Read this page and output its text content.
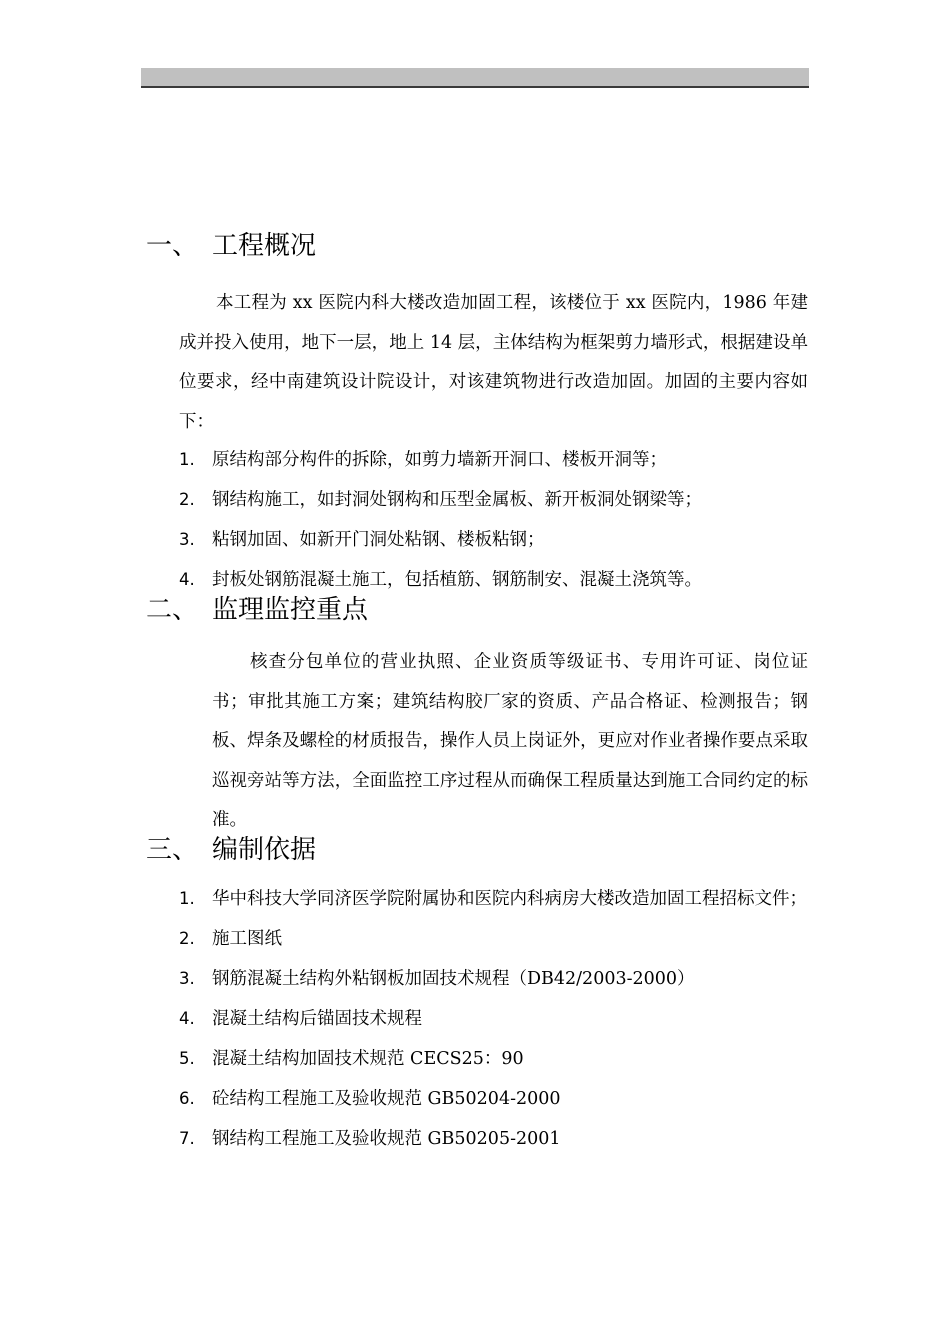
一、 工程概况
本工程为 xx 医院内科大楼改造加固工程，该楼位于 xx 医院内，1986 年建成并投入使用，地下一层，地上 14 层，主体结构为框架剪力墙形式，根据建设单位要求，经中南建筑设计院设计，对该建筑物进行改造加固。加固的主要内容如下：
1. 原结构部分构件的拆除，如剪力墙新开洞口、楼板开洞等；
2. 钢结构施工，如封洞处钢构和压型金属板、新开板洞处钢梁等；
3. 粘钢加固、如新开门洞处粘钢、楼板粘钢；
4. 封板处钢筋混凝土施工，包括植筋、钢筋制安、混凝土浇筑等。
二、 监理监控重点
核查分包单位的营业执照、企业资质等级证书、专用许可证、岗位证书；审批其施工方案；建筑结构胶厂家的资质、产品合格证、检测报告；钢板、焊条及螺栓的材质报告，操作人员上岗证外，更应对作业者操作要点采取巡视旁站等方法，全面监控工序过程从而确保工程质量达到施工合同约定的标准。
三、 编制依据
1. 华中科技大学同济医学院附属协和医院内科病房大楼改造加固工程招标文件；
2. 施工图纸
3. 钢筋混凝土结构外粘钢板加固技术规程（DB42/2003-2000）
4. 混凝土结构后锚固技术规程
5. 混凝土结构加固技术规范 CECS25：90
6. 砼结构工程施工及验收规范 GB50204-2000
7. 钢结构工程施工及验收规范 GB50205-2001
